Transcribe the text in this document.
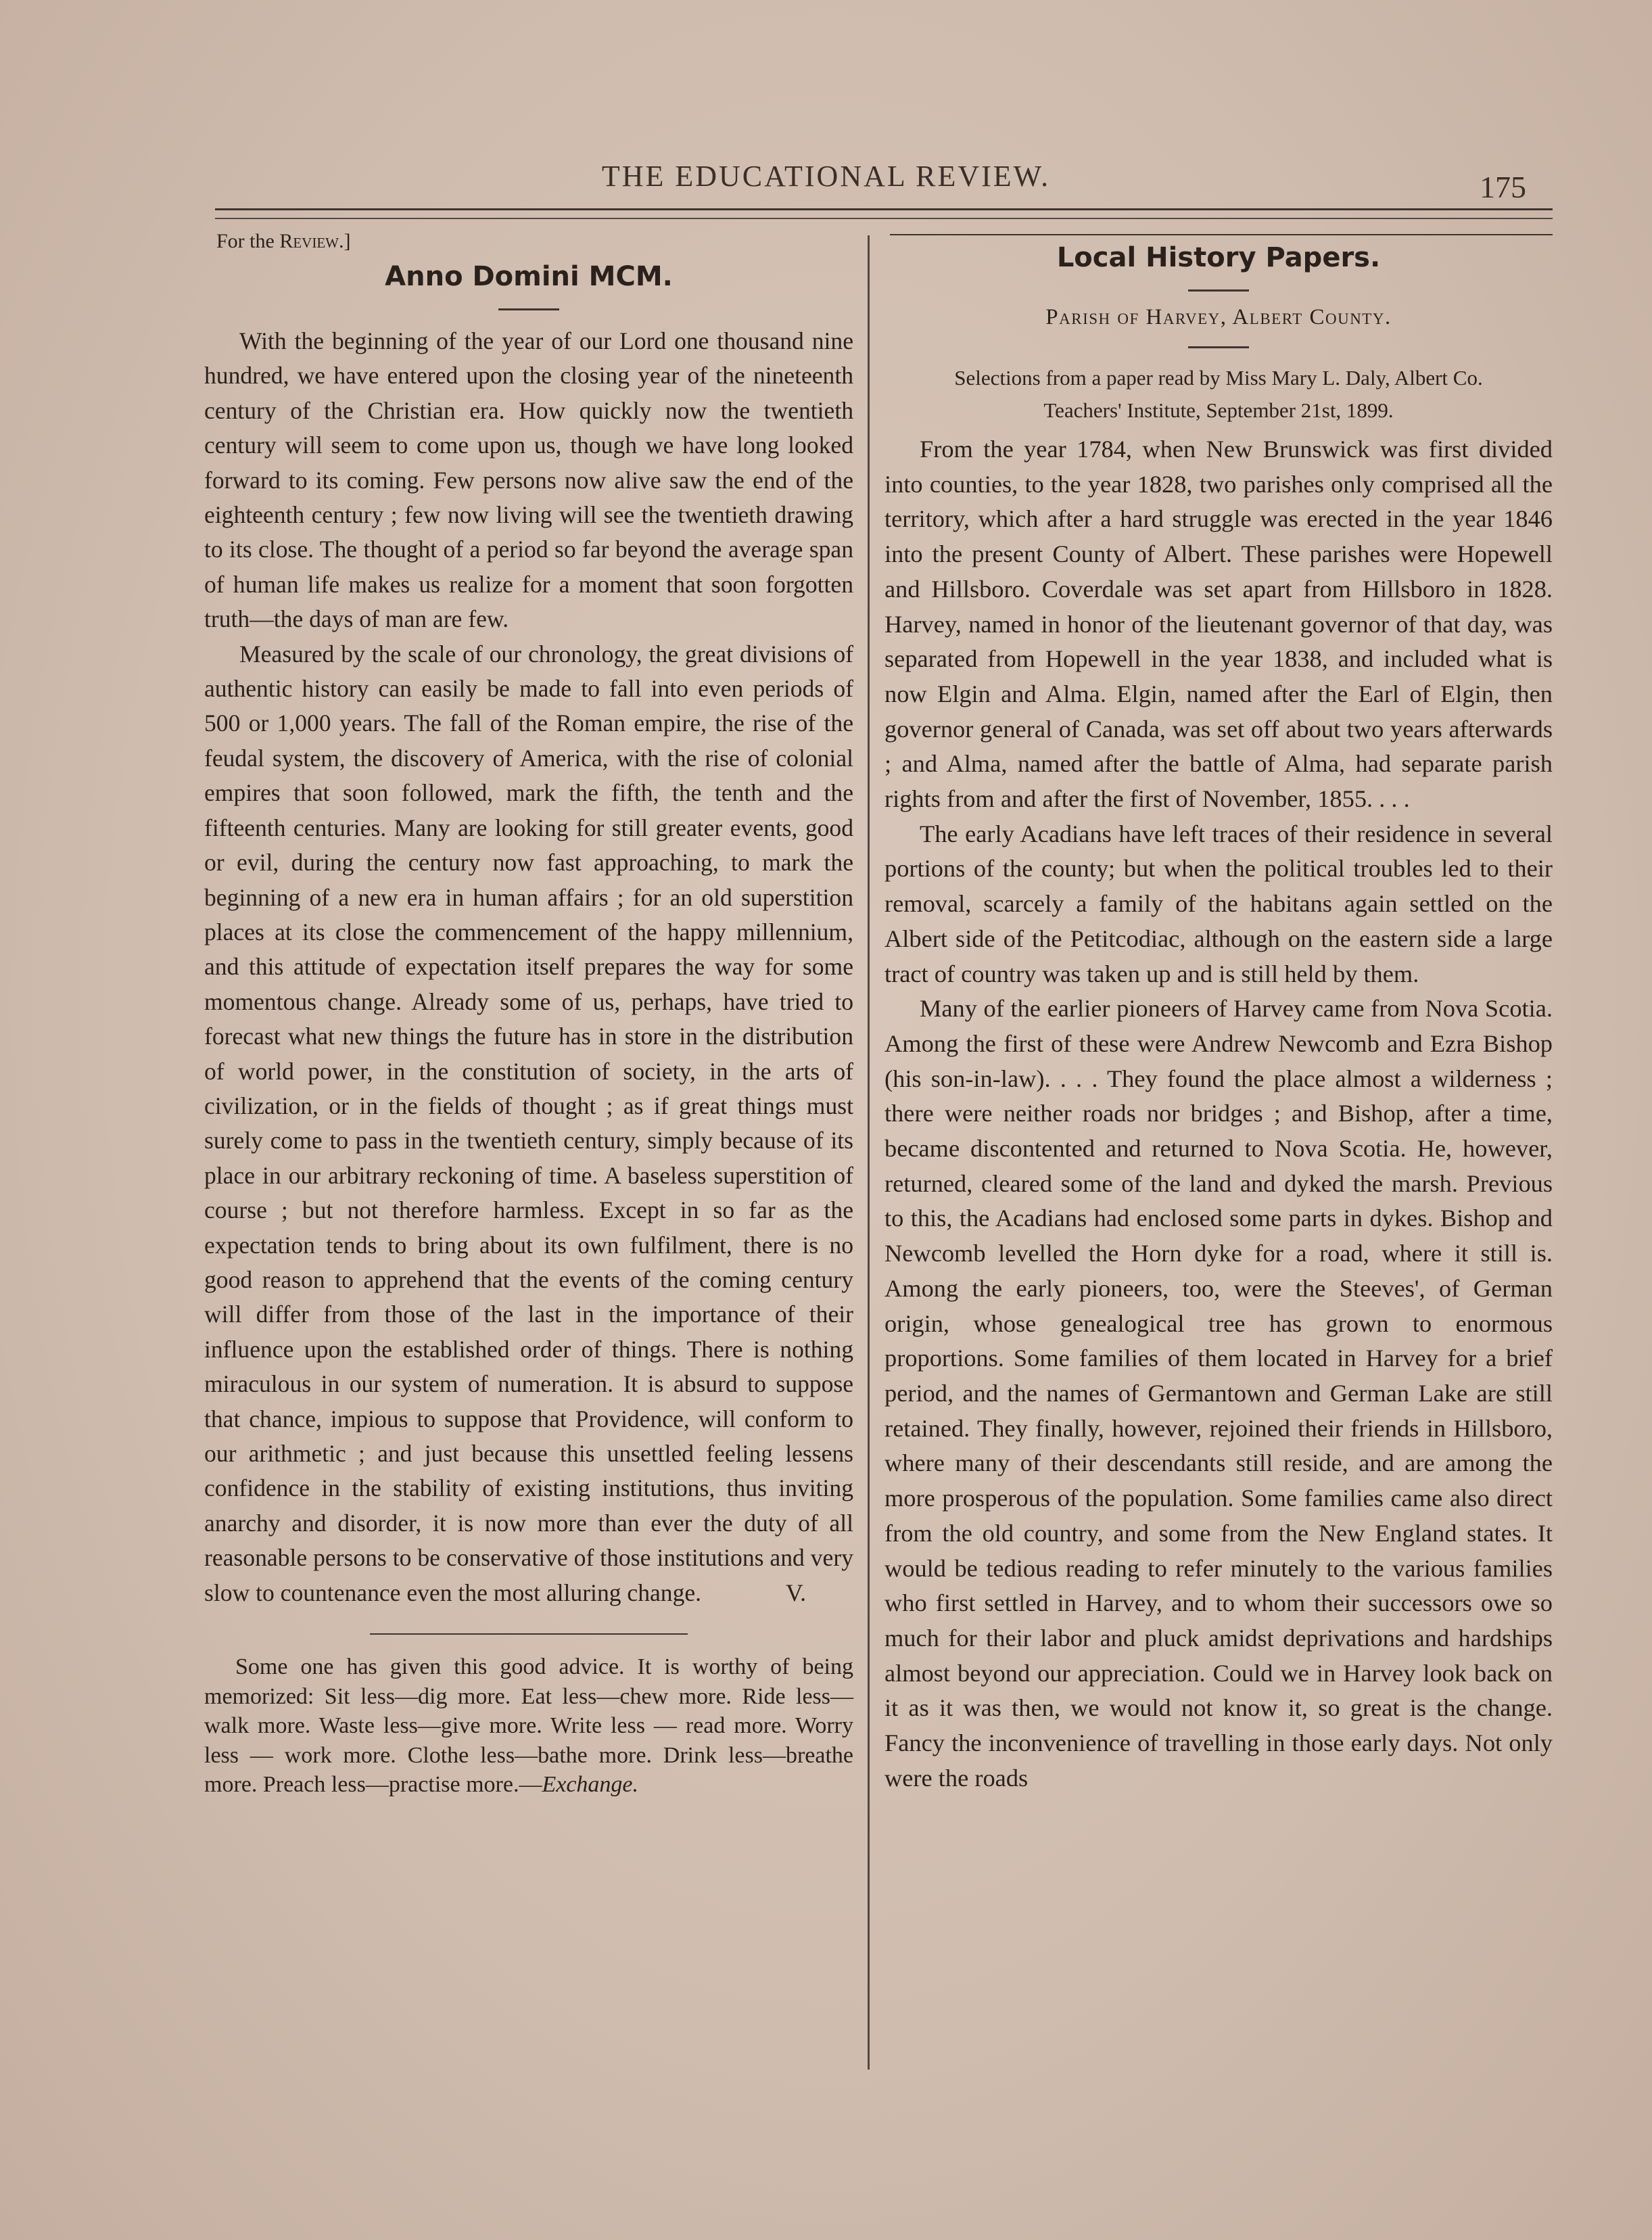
THE EDUCATIONAL REVIEW.	175
For the Review.]
Anno Domini MCM.

With the beginning of the year of our Lord one thousand nine hundred, we have entered upon the closing year of the nineteenth century of the Christian era. How quickly now the twentieth century will seem to come upon us, though we have long looked forward to its coming. Few persons now alive saw the end of the eighteenth century ; few now living will see the twentieth drawing to its close. The thought of a period so far beyond the average span of human life makes us realize for a moment that soon forgotten truth—the days of man are few.

Measured by the scale of our chronology, the great divisions of authentic history can easily be made to fall into even periods of 500 or 1,000 years. The fall of the Roman empire, the rise of the feudal system, the discovery of America, with the rise of colonial empires that soon followed, mark the fifth, the tenth and the fifteenth centuries. Many are looking for still greater events, good or evil, during the century now fast approaching, to mark the beginning of a new era in human affairs ; for an old superstition places at its close the commencement of the happy millennium, and this attitude of expectation itself prepares the way for some momentous change. Already some of us, perhaps, have tried to forecast what new things the future has in store in the distribution of world power, in the constitution of society, in the arts of civilization, or in the fields of thought ; as if great things must surely come to pass in the twentieth century, simply because of its place in our arbitrary reckoning of time. A baseless superstition of course ; but not therefore harmless. Except in so far as the expectation tends to bring about its own fulfilment, there is no good reason to apprehend that the events of the coming century will differ from those of the last in the importance of their influence upon the established order of things. There is nothing miraculous in our system of numeration. It is absurd to suppose that chance, impious to suppose that Providence, will conform to our arithmetic ; and just because this unsettled feeling lessens confidence in the stability of existing institutions, thus inviting anarchy and disorder, it is now more than ever the duty of all reasonable persons to be conservative of those institutions and very slow to countenance even the most alluring change.	V.

Some one has given this good advice. It is worthy of being memorized: Sit less—dig more. Eat less—chew more. Ride less—walk more. Waste less—give more. Write less — read more. Worry less — work more. Clothe less—bathe more. Drink less—breathe more. Preach less—practise more.—Exchange.

Local History Papers.
Parish of Harvey, Albert County.

Selections from a paper read by Miss Mary L. Daly, Albert Co.
Teachers' Institute, September 21st, 1899.

From the year 1784, when New Brunswick was first divided into counties, to the year 1828, two parishes only comprised all the territory, which after a hard struggle was erected in the year 1846 into the present County of Albert. These parishes were Hopewell and Hillsboro. Coverdale was set apart from Hillsboro in 1828. Harvey, named in honor of the lieutenant governor of that day, was separated from Hopewell in the year 1838, and included what is now Elgin and Alma. Elgin, named after the Earl of Elgin, then governor general of Canada, was set off about two years afterwards ; and Alma, named after the battle of Alma, had separate parish rights from and after the first of November, 1855. . . .

The early Acadians have left traces of their residence in several portions of the county; but when the political troubles led to their removal, scarcely a family of the habitans again settled on the Albert side of the Petitcodiac, although on the eastern side a large tract of country was taken up and is still held by them.

Many of the earlier pioneers of Harvey came from Nova Scotia. Among the first of these were Andrew Newcomb and Ezra Bishop (his son-in-law). . . . They found the place almost a wilderness ; there were neither roads nor bridges ; and Bishop, after a time, became discontented and returned to Nova Scotia. He, however, returned, cleared some of the land and dyked the marsh. Previous to this, the Acadians had enclosed some parts in dykes. Bishop and Newcomb levelled the Horn dyke for a road, where it still is. Among the early pioneers, too, were the Steeves', of German origin, whose genealogical tree has grown to enormous proportions. Some families of them located in Harvey for a brief period, and the names of Germantown and German Lake are still retained. They finally, however, rejoined their friends in Hillsboro, where many of their descendants still reside, and are among the more prosperous of the population. Some families came also direct from the old country, and some from the New England states. It would be tedious reading to refer minutely to the various families who first settled in Harvey, and to whom their successors owe so much for their labor and pluck amidst deprivations and hardships almost beyond our appreciation. Could we in Harvey look back on it as it was then, we would not know it, so great is the change. Fancy the inconvenience of travelling in those early days. Not only were the roads
